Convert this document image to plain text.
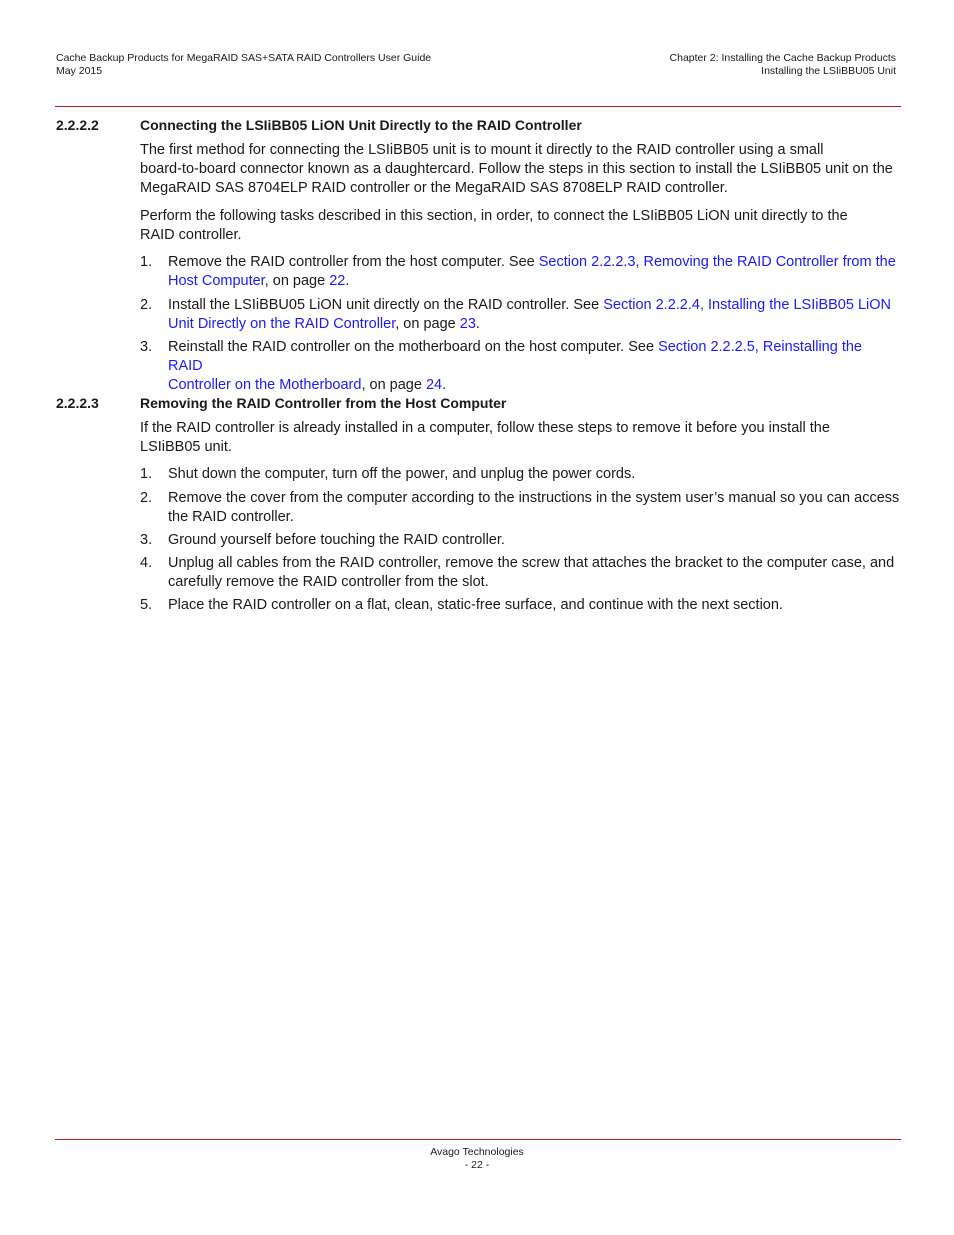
Cache Backup Products for MegaRAID SAS+SATA RAID Controllers User Guide
May 2015
Chapter 2: Installing the Cache Backup Products
Installing the LSIiBBU05 Unit
2.2.2.2	Connecting the LSIiBB05 LiON Unit Directly to the RAID Controller
The first method for connecting the LSIiBB05 unit is to mount it directly to the RAID controller using a small
board-to-board connector known as a daughtercard. Follow the steps in this section to install the LSIiBB05 unit on the
MegaRAID SAS 8704ELP RAID controller or the MegaRAID SAS 8708ELP RAID controller.
Perform the following tasks described in this section, in order, to connect the LSIiBB05 LiON unit directly to the
RAID controller.
1. Remove the RAID controller from the host computer. See Section 2.2.2.3, Removing the RAID Controller from the
Host Computer, on page 22.
2. Install the LSIiBBU05 LiON unit directly on the RAID controller. See Section 2.2.2.4, Installing the LSIiBB05 LiON
Unit Directly on the RAID Controller, on page 23.
3. Reinstall the RAID controller on the motherboard on the host computer. See Section 2.2.2.5, Reinstalling the RAID
Controller on the Motherboard, on page 24.
2.2.2.3	Removing the RAID Controller from the Host Computer
If the RAID controller is already installed in a computer, follow these steps to remove it before you install the
LSIiBB05 unit.
1. Shut down the computer, turn off the power, and unplug the power cords.
2. Remove the cover from the computer according to the instructions in the system user’s manual so you can access
the RAID controller.
3. Ground yourself before touching the RAID controller.
4. Unplug all cables from the RAID controller, remove the screw that attaches the bracket to the computer case, and
carefully remove the RAID controller from the slot.
5. Place the RAID controller on a flat, clean, static-free surface, and continue with the next section.
Avago Technologies
- 22 -
